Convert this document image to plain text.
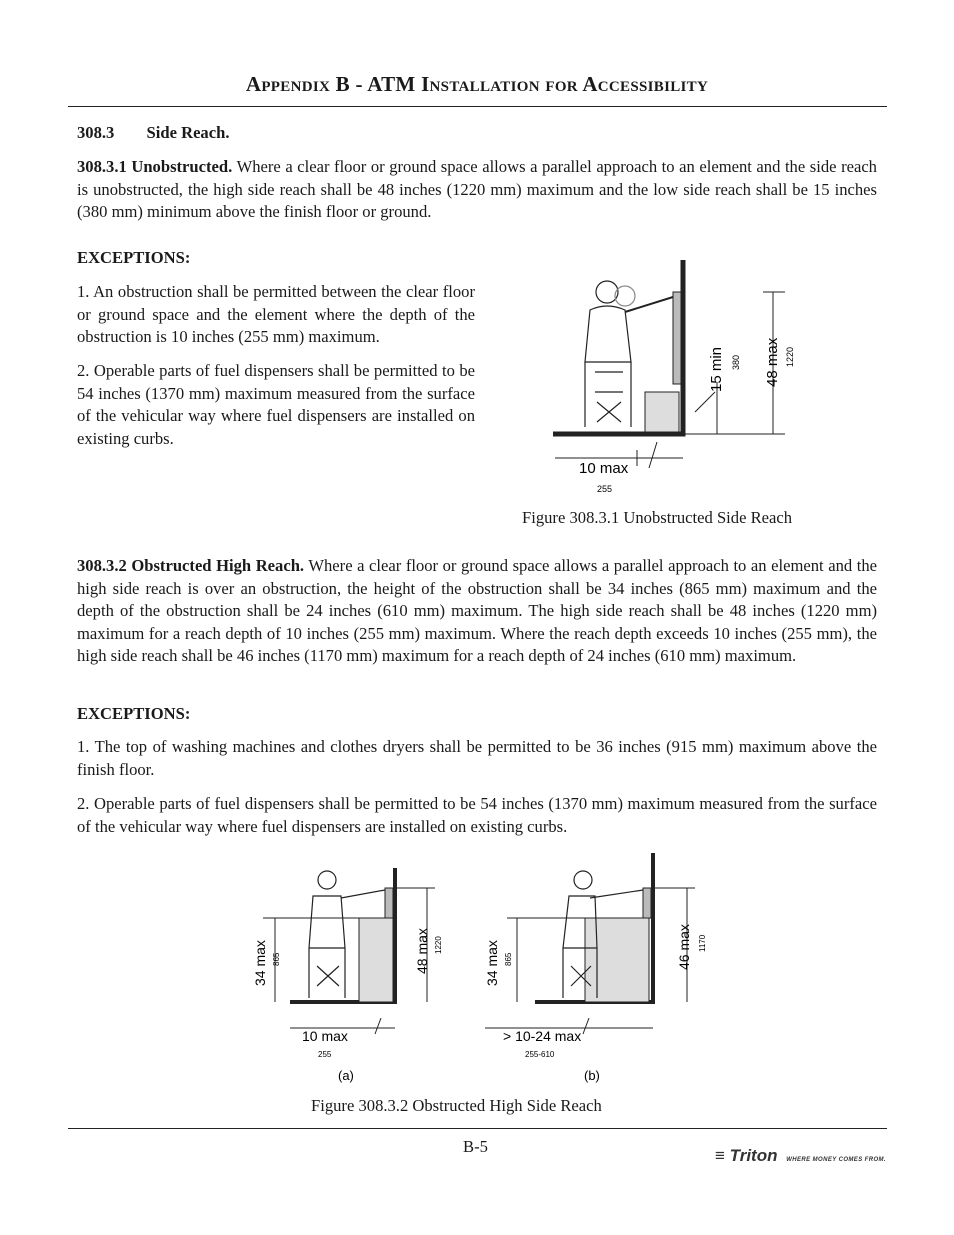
Appendix B - ATM Installation for Accessibility
308.3 Side Reach.
308.3.1 Unobstructed. Where a clear floor or ground space allows a parallel approach to an element and the side reach is unobstructed, the high side reach shall be 48 inches (1220 mm) maximum and the low side reach shall be 15 inches (380 mm) minimum above the finish floor or ground.
EXCEPTIONS:
1. An obstruction shall be permitted between the clear floor or ground space and the element where the depth of the obstruction is 10 inches (255 mm) maximum.
2. Operable parts of fuel dispensers shall be permitted to be 54 inches (1370 mm) maximum measured from the surface of the vehicular way where fuel dispensers are installed on existing curbs.
15 min 380 48 max 1220
10 max
255
Figure 308.3.1 Unobstructed Side Reach
308.3.2 Obstructed High Reach. Where a clear floor or ground space allows a parallel approach to an element and the high side reach is over an obstruction, the height of the obstruction shall be 34 inches (865 mm) maximum and the depth of the obstruction shall be 24 inches (610 mm) maximum. The high side reach shall be 48 inches (1220 mm) maximum for a reach depth of 10 inches (255 mm) maximum. Where the reach depth exceeds 10 inches (255 mm), the high side reach shall be 46 inches (1170 mm) maximum for a reach depth of 24 inches (610 mm) maximum.
EXCEPTIONS:
1. The top of washing machines and clothes dryers shall be permitted to be 36 inches (915 mm) maximum above the finish floor.
2. Operable parts of fuel dispensers shall be permitted to be 54 inches (1370 mm) maximum measured from the surface of the vehicular way where fuel dispensers are installed on existing curbs.
34 max 865	48 max 1220
10 max
255
(a)
34 max 865	46 max 1170
> 10-24 max
255-610
(b)
Figure 308.3.2 Obstructed High Side Reach
B-5	≡ Triton WHERE MONEY COMES FROM.
